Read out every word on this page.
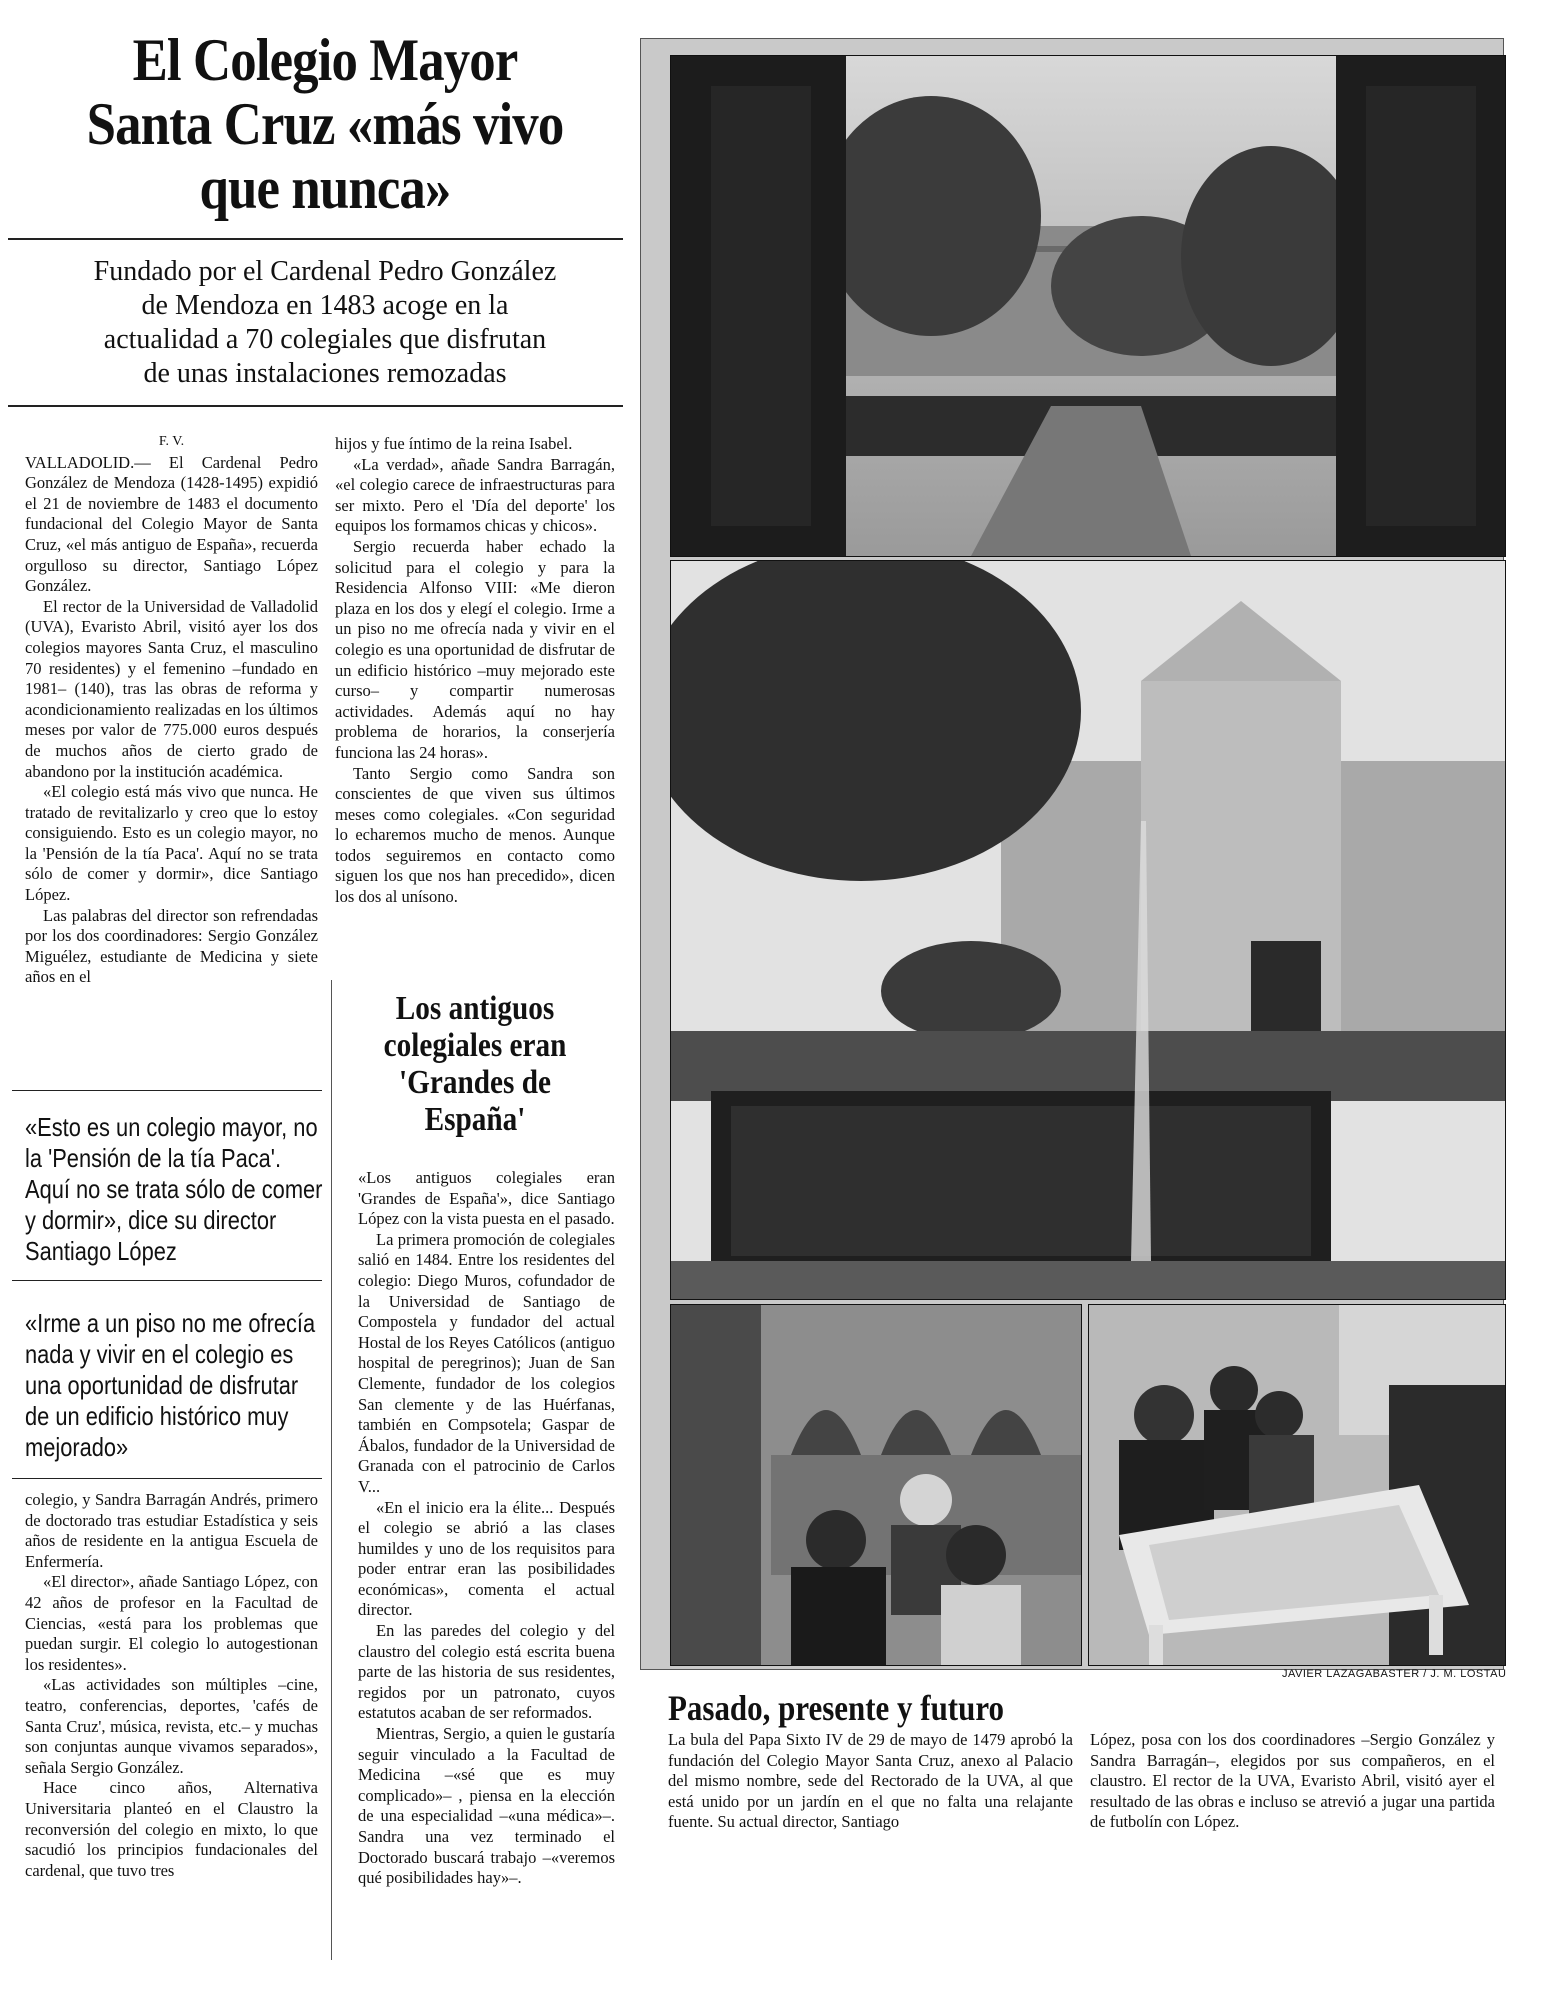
El Colegio Mayor
Santa Cruz «más vivo
que nunca»
Fundado por el Cardenal Pedro González
de Mendoza en 1483 acoge en la
actualidad a 70 colegiales que disfrutan
de unas instalaciones remozadas

F. V.

VALLADOLID.— El Cardenal Pedro González de Mendoza (1428-1495) expidió el 21 de noviembre de 1483 el documento fundacional del Colegio Mayor de Santa Cruz, «el más antiguo de España», recuerda orgulloso su director, Santiago López González.

El rector de la Universidad de Valladolid (UVA), Evaristo Abril, visitó ayer los dos colegios mayores Santa Cruz, el masculino 70 residentes) y el femenino –fundado en 1981– (140), tras las obras de reforma y acondicionamiento realizadas en los últimos meses por valor de 775.000 euros después de muchos años de cierto grado de abandono por la institución académica.

«El colegio está más vivo que nunca. He tratado de revitalizarlo y creo que lo estoy consiguiendo. Esto es un colegio mayor, no la 'Pensión de la tía Paca'. Aquí no se trata sólo de comer y dormir», dice Santiago López.

Las palabras del director son refrendadas por los dos coordinadores: Sergio González Miguélez, estudiante de Medicina y siete años en el

«Esto es un colegio mayor, no la 'Pensión de la tía Paca'. Aquí no se trata sólo de comer y dormir», dice su director Santiago López
«Irme a un piso no me ofrecía nada y vivir en el colegio es una oportunidad de disfrutar de un edificio histórico muy mejorado»

colegio, y Sandra Barragán Andrés, primero de doctorado tras estudiar Estadística y seis años de residente en la antigua Escuela de Enfermería.

«El director», añade Santiago López, con 42 años de profesor en la Facultad de Ciencias, «está para los problemas que puedan surgir. El colegio lo autogestionan los residentes».

«Las actividades son múltiples –cine, teatro, conferencias, deportes, 'cafés de Santa Cruz', música, revista, etc.– y muchas son conjuntas aunque vivamos separados», señala Sergio González.

Hace cinco años, Alternativa Universitaria planteó en el Claustro la reconversión del colegio en mixto, lo que sacudió los principios fundacionales del cardenal, que tuvo tres

hijos y fue íntimo de la reina Isabel.

«La verdad», añade Sandra Barragán, «el colegio carece de infraestructuras para ser mixto. Pero el 'Día del deporte' los equipos los formamos chicas y chicos».

Sergio recuerda haber echado la solicitud para el colegio y para la Residencia Alfonso VIII: «Me dieron plaza en los dos y elegí el colegio. Irme a un piso no me ofrecía nada y vivir en el colegio es una oportunidad de disfrutar de un edificio histórico –muy mejorado este curso– y compartir numerosas actividades. Además aquí no hay problema de horarios, la conserjería funciona las 24 horas».

Tanto Sergio como Sandra son conscientes de que viven sus últimos meses como colegiales. «Con seguridad lo echaremos mucho de menos. Aunque todos seguiremos en contacto como siguen los que nos han precedido», dicen los dos al unísono.

Los antiguos
colegiales eran
'Grandes de
España'

«Los antiguos colegiales eran 'Grandes de España'», dice Santiago López con la vista puesta en el pasado.

La primera promoción de colegiales salió en 1484. Entre los residentes del colegio: Diego Muros, cofundador de la Universidad de Santiago de Compostela y fundador del actual Hostal de los Reyes Católicos (antiguo hospital de peregrinos); Juan de San Clemente, fundador de los colegios San clemente y de las Huérfanas, también en Compsotela; Gaspar de Ábalos, fundador de la Universidad de Granada con el patrocinio de Carlos V...

«En el inicio era la élite... Después el colegio se abrió a las clases humildes y uno de los requisitos para poder entrar eran las posibilidades económicas», comenta el actual director.

En las paredes del colegio y del claustro del colegio está escrita buena parte de las historia de sus residentes, regidos por un patronato, cuyos estatutos acaban de ser reformados.

Mientras, Sergio, a quien le gustaría seguir vinculado a la Facultad de Medicina –«sé que es muy complicado»– , piensa en la elección de una especialidad –«una médica»–. Sandra una vez terminado el Doctorado buscará trabajo –«veremos qué posibilidades hay»–.

JAVIER LAZAGABASTER / J. M. LOSTAU
Pasado, presente y futuro
La bula del Papa Sixto IV de 29 de mayo de 1479 aprobó la fundación del Colegio Mayor Santa Cruz, anexo al Palacio del mismo nombre, sede del Rectorado de la UVA, al que está unido por un jardín en el que no falta una relajante fuente. Su actual director, Santiago
López, posa con los dos coordinadores –Sergio González y Sandra Barragán–, elegidos por sus compañeros, en el claustro. El rector de la UVA, Evaristo Abril, visitó ayer el resultado de las obras e incluso se atrevió a jugar una partida de futbolín con López.
